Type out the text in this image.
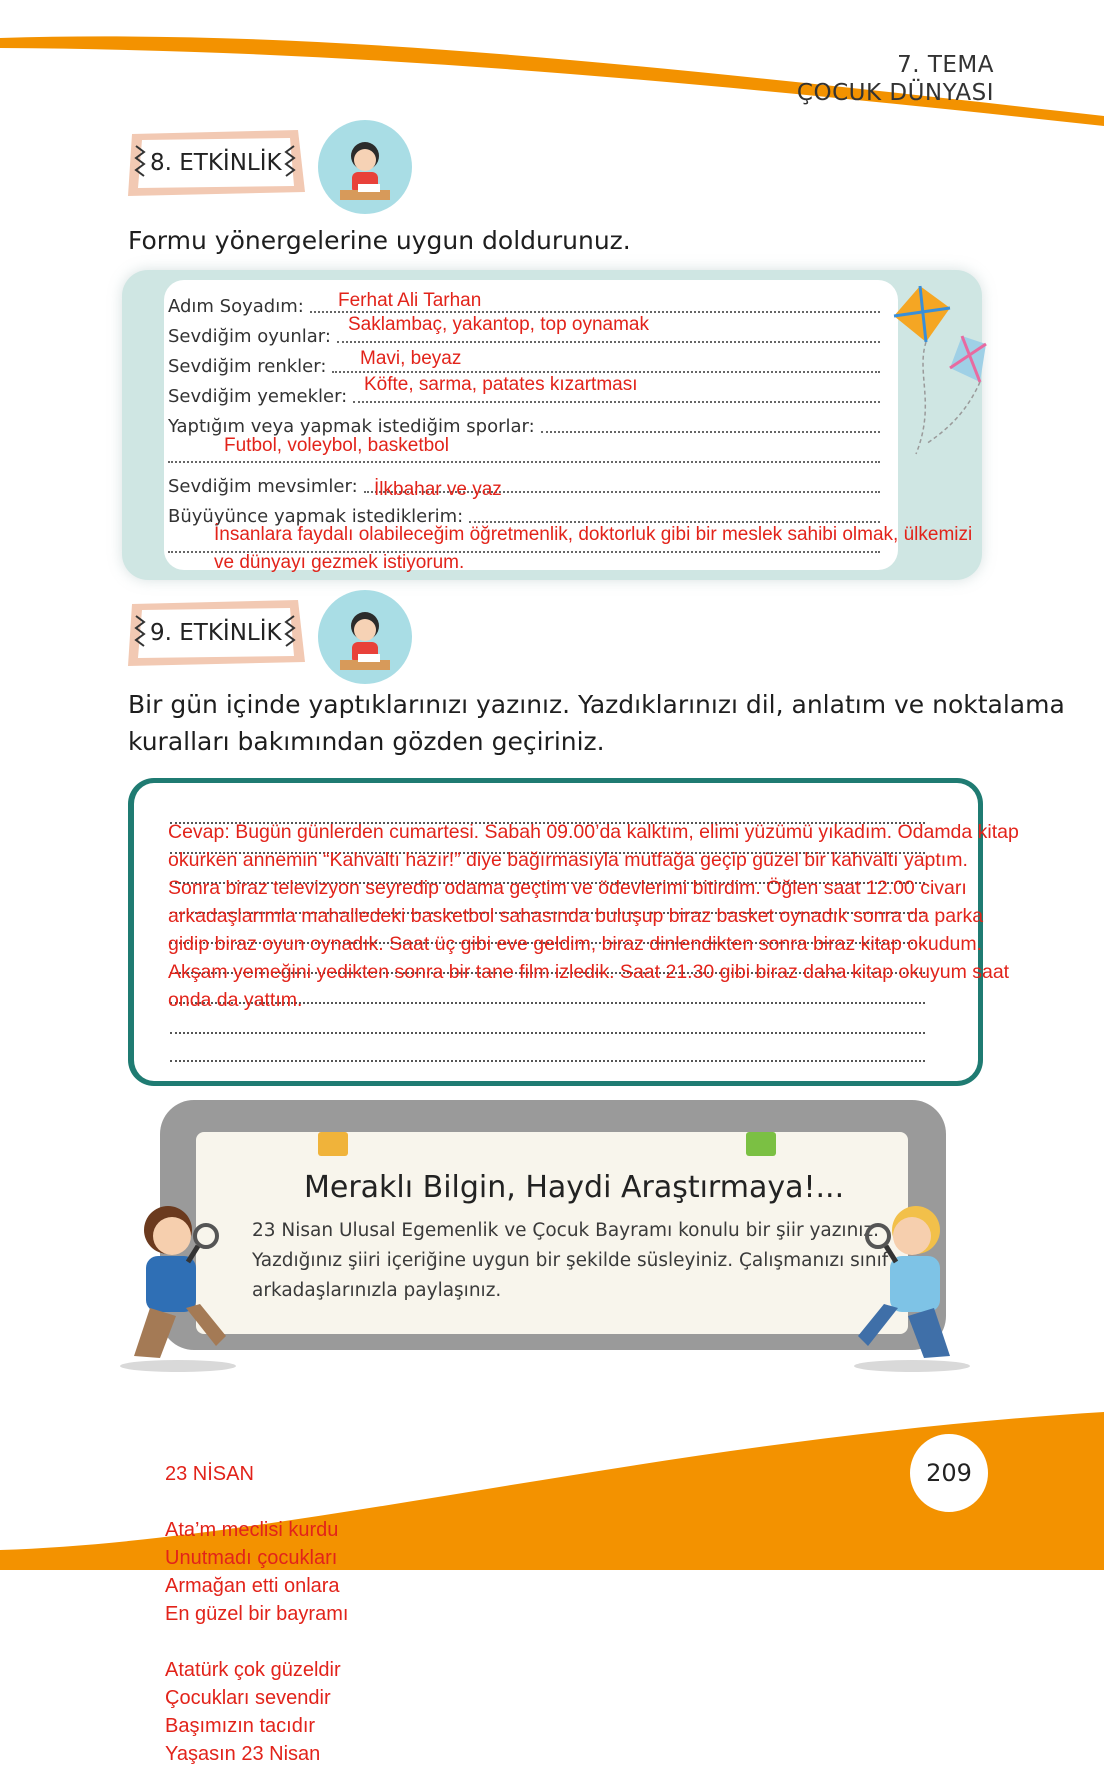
7. TEMA
ÇOCUK DÜNYASI
8. ETKİNLİK
Formu yönergelerine uygun doldurunuz.
Adım Soyadım:	Ferhat Ali Tarhan
Sevdiğim oyunlar:
Saklambaç, yakantop, top oynamak
Sevdiğim renkler:	Mavi, beyaz
Sevdiğim yemekler:
Köfte, sarma, patates kızartması
Yaptığım veya yapmak istediğim sporlar:
Futbol, voleybol, basketbol
Sevdiğim mevsimler: İlkbahar ve yaz
Büyüyünce yapmak istediklerim:
İnsanlara faydalı olabileceğim öğretmenlik, doktorluk gibi bir meslek sahibi olmak, ülkemizi
ve dünyayı gezmek istiyorum.
9. ETKİNLİK
Bir gün içinde yaptıklarınızı yazınız. Yazdıklarınızı dil, anlatım ve noktalama
kuralları bakımından gözden geçiriniz.
Cevap: Bugün günlerden cumartesi. Sabah 09.00’da kalktım, elimi yüzümü yıkadım. Odamda kitap
okurken annemin “Kahvaltı hazır!” diye bağırmasıyla mutfağa geçip güzel bir kahvaltı yaptım.
Sonra biraz televizyon seyredip odama geçtim ve ödevlerimi bitirdim. Öğlen saat 12.00 civarı
arkadaşlarımla mahalledeki basketbol sahasında buluşup biraz basket oynadık sonra da parka
gidip biraz oyun oynadık. Saat üç gibi eve geldim, biraz dinlendikten sonra biraz kitap okudum.
Akşam yemeğini yedikten sonra bir tane film izledik. Saat 21.30 gibi biraz daha kitap okuyum saat
onda da yattım.
Meraklı Bilgin, Haydi Araştırmaya!...
23 Nisan Ulusal Egemenlik ve Çocuk Bayramı konulu bir şiir yazınız.
Yazdığınız şiiri içeriğine uygun bir şekilde süsleyiniz. Çalışmanızı sınıf
arkadaşlarınızla paylaşınız.
209
23 NİSAN
Ata’m meclisi kurdu
Unutmadı çocukları
Armağan etti onlara
En güzel bir bayramı
Atatürk çok güzeldir
Çocukları sevendir
Başımızın tacıdır
Yaşasın 23 Nisan
